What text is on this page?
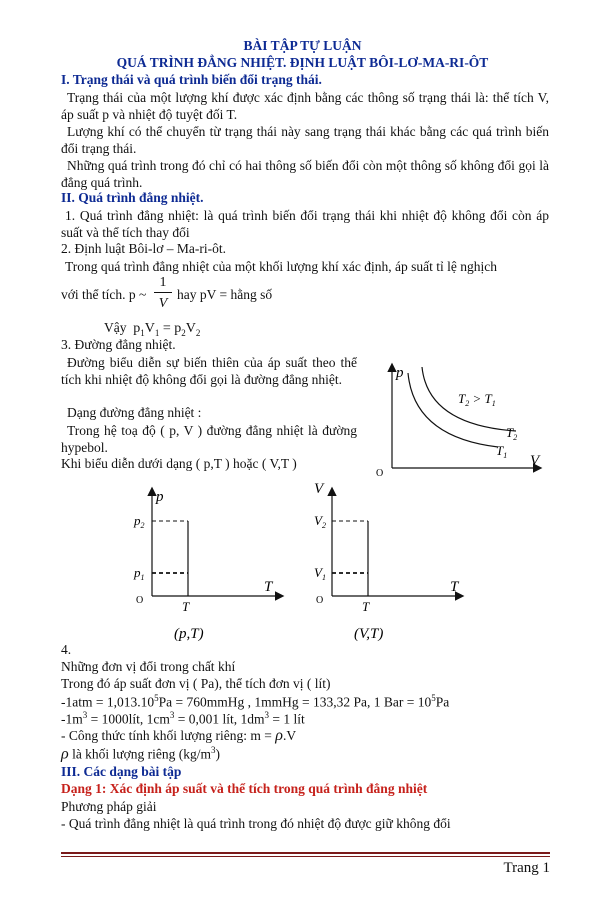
BÀI TẬP TỰ LUẬN
QUÁ TRÌNH ĐẲNG NHIỆT. ĐỊNH LUẬT BÔI-LƠ-MA-RI-ÔT
I. Trạng thái và quá trình biến đổi trạng thái.
Trạng thái của một lượng khí được xác định bằng các thông số trạng thái là: thể tích V, áp suất p và nhiệt độ tuyệt đối T.
Lượng khí có thể chuyển từ trạng thái này sang trạng thái khác bằng các quá trình biến đổi trạng thái.
Những quá trình trong đó chỉ có hai thông số biến đổi còn một thông số không đổi gọi là đẳng quá trình.
II. Quá trình đẳng nhiệt.
1. Quá trình đẳng nhiệt: là quá trình biến đổi trạng thái khi nhiệt độ không đổi còn áp suất và thể tích thay đổi
2. Định luật Bôi-lơ – Ma-ri-ôt.
Trong quá trình đẳng nhiệt của một khối lượng khí xác định, áp suất tỉ lệ nghịch
với thể tích. p ~
1
V
hay pV = hằng số
Vậy $p_1V_1 = p_2V_2$
3. Đường đẳng nhiệt.
Đường biểu diễn sự biến thiên của áp suất theo thể tích khi nhiệt độ không đổi gọi là đường đẳng nhiệt.
Dạng đường đẳng nhiệt :
Trong hệ toạ độ ( p, V ) đường đẳng nhiệt là đường hypebol.
Khi biểu diễn dưới dạng ( p,T ) hoặc ( V,T )
p
V
O
$T_2 > T_1$
$T_2$
$T_1$
p
T
O	T
$p_2$
$p_1$
(p,T)
V
T
O	T
$V_2$
$V_1$
(V,T)
4.
Những đơn vị đổi trong chất khí
Trong đó áp suất đơn vị ( Pa), thể tích đơn vị ( lít)
$-1atm = 1,013.10^5Pa$ = 760mmHg , 1mmHg = 133,32 Pa, 1 Bar = $10^5Pa$
$-1m^3$ = 1000lít, $1cm^3 = 0,001$ lít, $1dm^3 = 1$ lít
- Công thức tính khối lượng riêng: m = ρ.V
ρ là khối lượng riêng $(kg/m^3)$
III. Các dạng bài tập
Dạng 1: Xác định áp suất và thể tích trong quá trình đẳng nhiệt
Phương pháp giải
- Quá trình đẳng nhiệt là quá trình trong đó nhiệt độ được giữ không đổi
Trang 1
